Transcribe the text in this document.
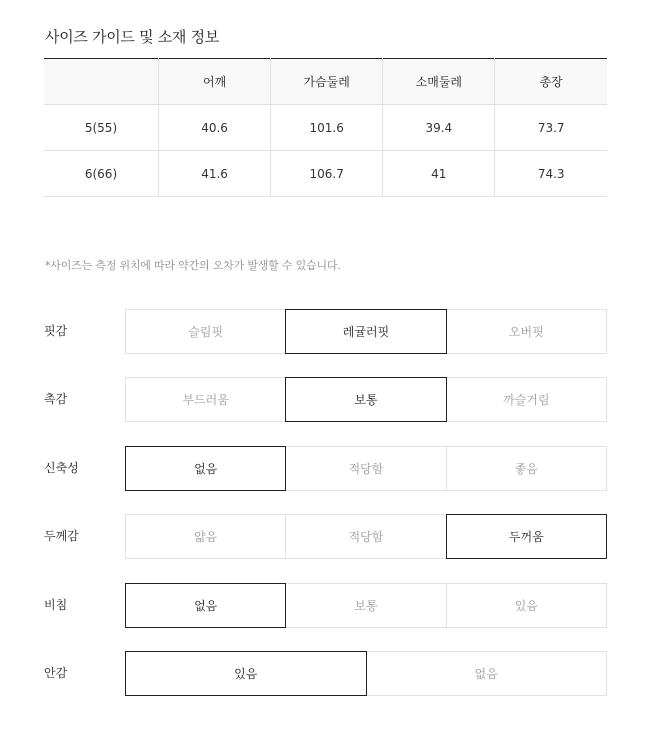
사이즈 가이드 및 소재 정보
	어깨	가슴둘레	소매둘레	총장
5(55)	40.6	101.6	39.4	73.7
6(66)	41.6	106.7	41	74.3
*사이즈는 측정 위치에 따라 약간의 오차가 발생할 수 있습니다.
핏감	슬림핏	레귤러핏	오버핏
촉감	부드러움	보통	까슬거림
신축성	없음	적당함	좋음
두께감	얇음	적당함	두꺼움
비침	없음	보통	있음
안감	있음	없음
